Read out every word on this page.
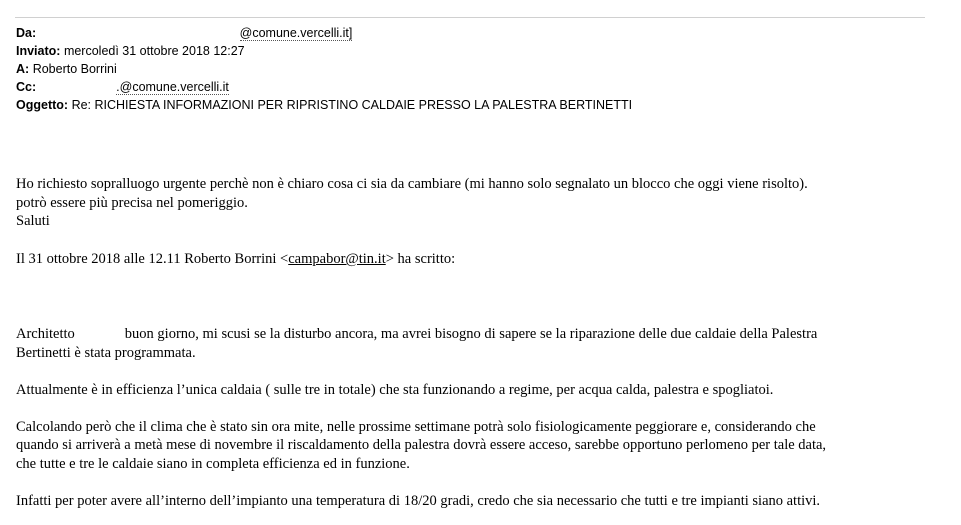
Da:	@comune.vercelli.it]
Inviato: mercoledì 31 ottobre 2018 12:27
A: Roberto Borrini
Cc:	.@comune.vercelli.it
Oggetto: Re: RICHIESTA INFORMAZIONI PER RIPRISTINO CALDAIE PRESSO LA PALESTRA BERTINETTI

Ho richiesto sopralluogo urgente perchè non è chiaro cosa ci sia da cambiare (mi hanno solo segnalato un blocco che oggi viene risolto).

potrò essere più precisa nel pomeriggio.

Saluti

Il 31 ottobre 2018 alle 12.11 Roberto Borrini <campabor@tin.it> ha scritto:

Architetto	buon giorno, mi scusi se la disturbo ancora, ma avrei bisogno di sapere se la riparazione delle due caldaie della Palestra

Bertinetti è stata programmata.

Attualmente è in efficienza l’unica caldaia ( sulle tre in totale) che sta funzionando a regime, per acqua calda, palestra e spogliatoi.

Calcolando però che il clima che è stato sin ora mite, nelle prossime settimane potrà solo fisiologicamente peggiorare e, considerando che

quando si arriverà a metà mese di novembre il riscaldamento della palestra dovrà essere acceso, sarebbe opportuno perlomeno per tale data,

che tutte e tre le caldaie siano in completa efficienza ed in funzione.

Infatti per poter avere all’interno dell’impianto una temperatura di 18/20 gradi, credo che sia necessario che tutti e tre impianti siano attivi.
